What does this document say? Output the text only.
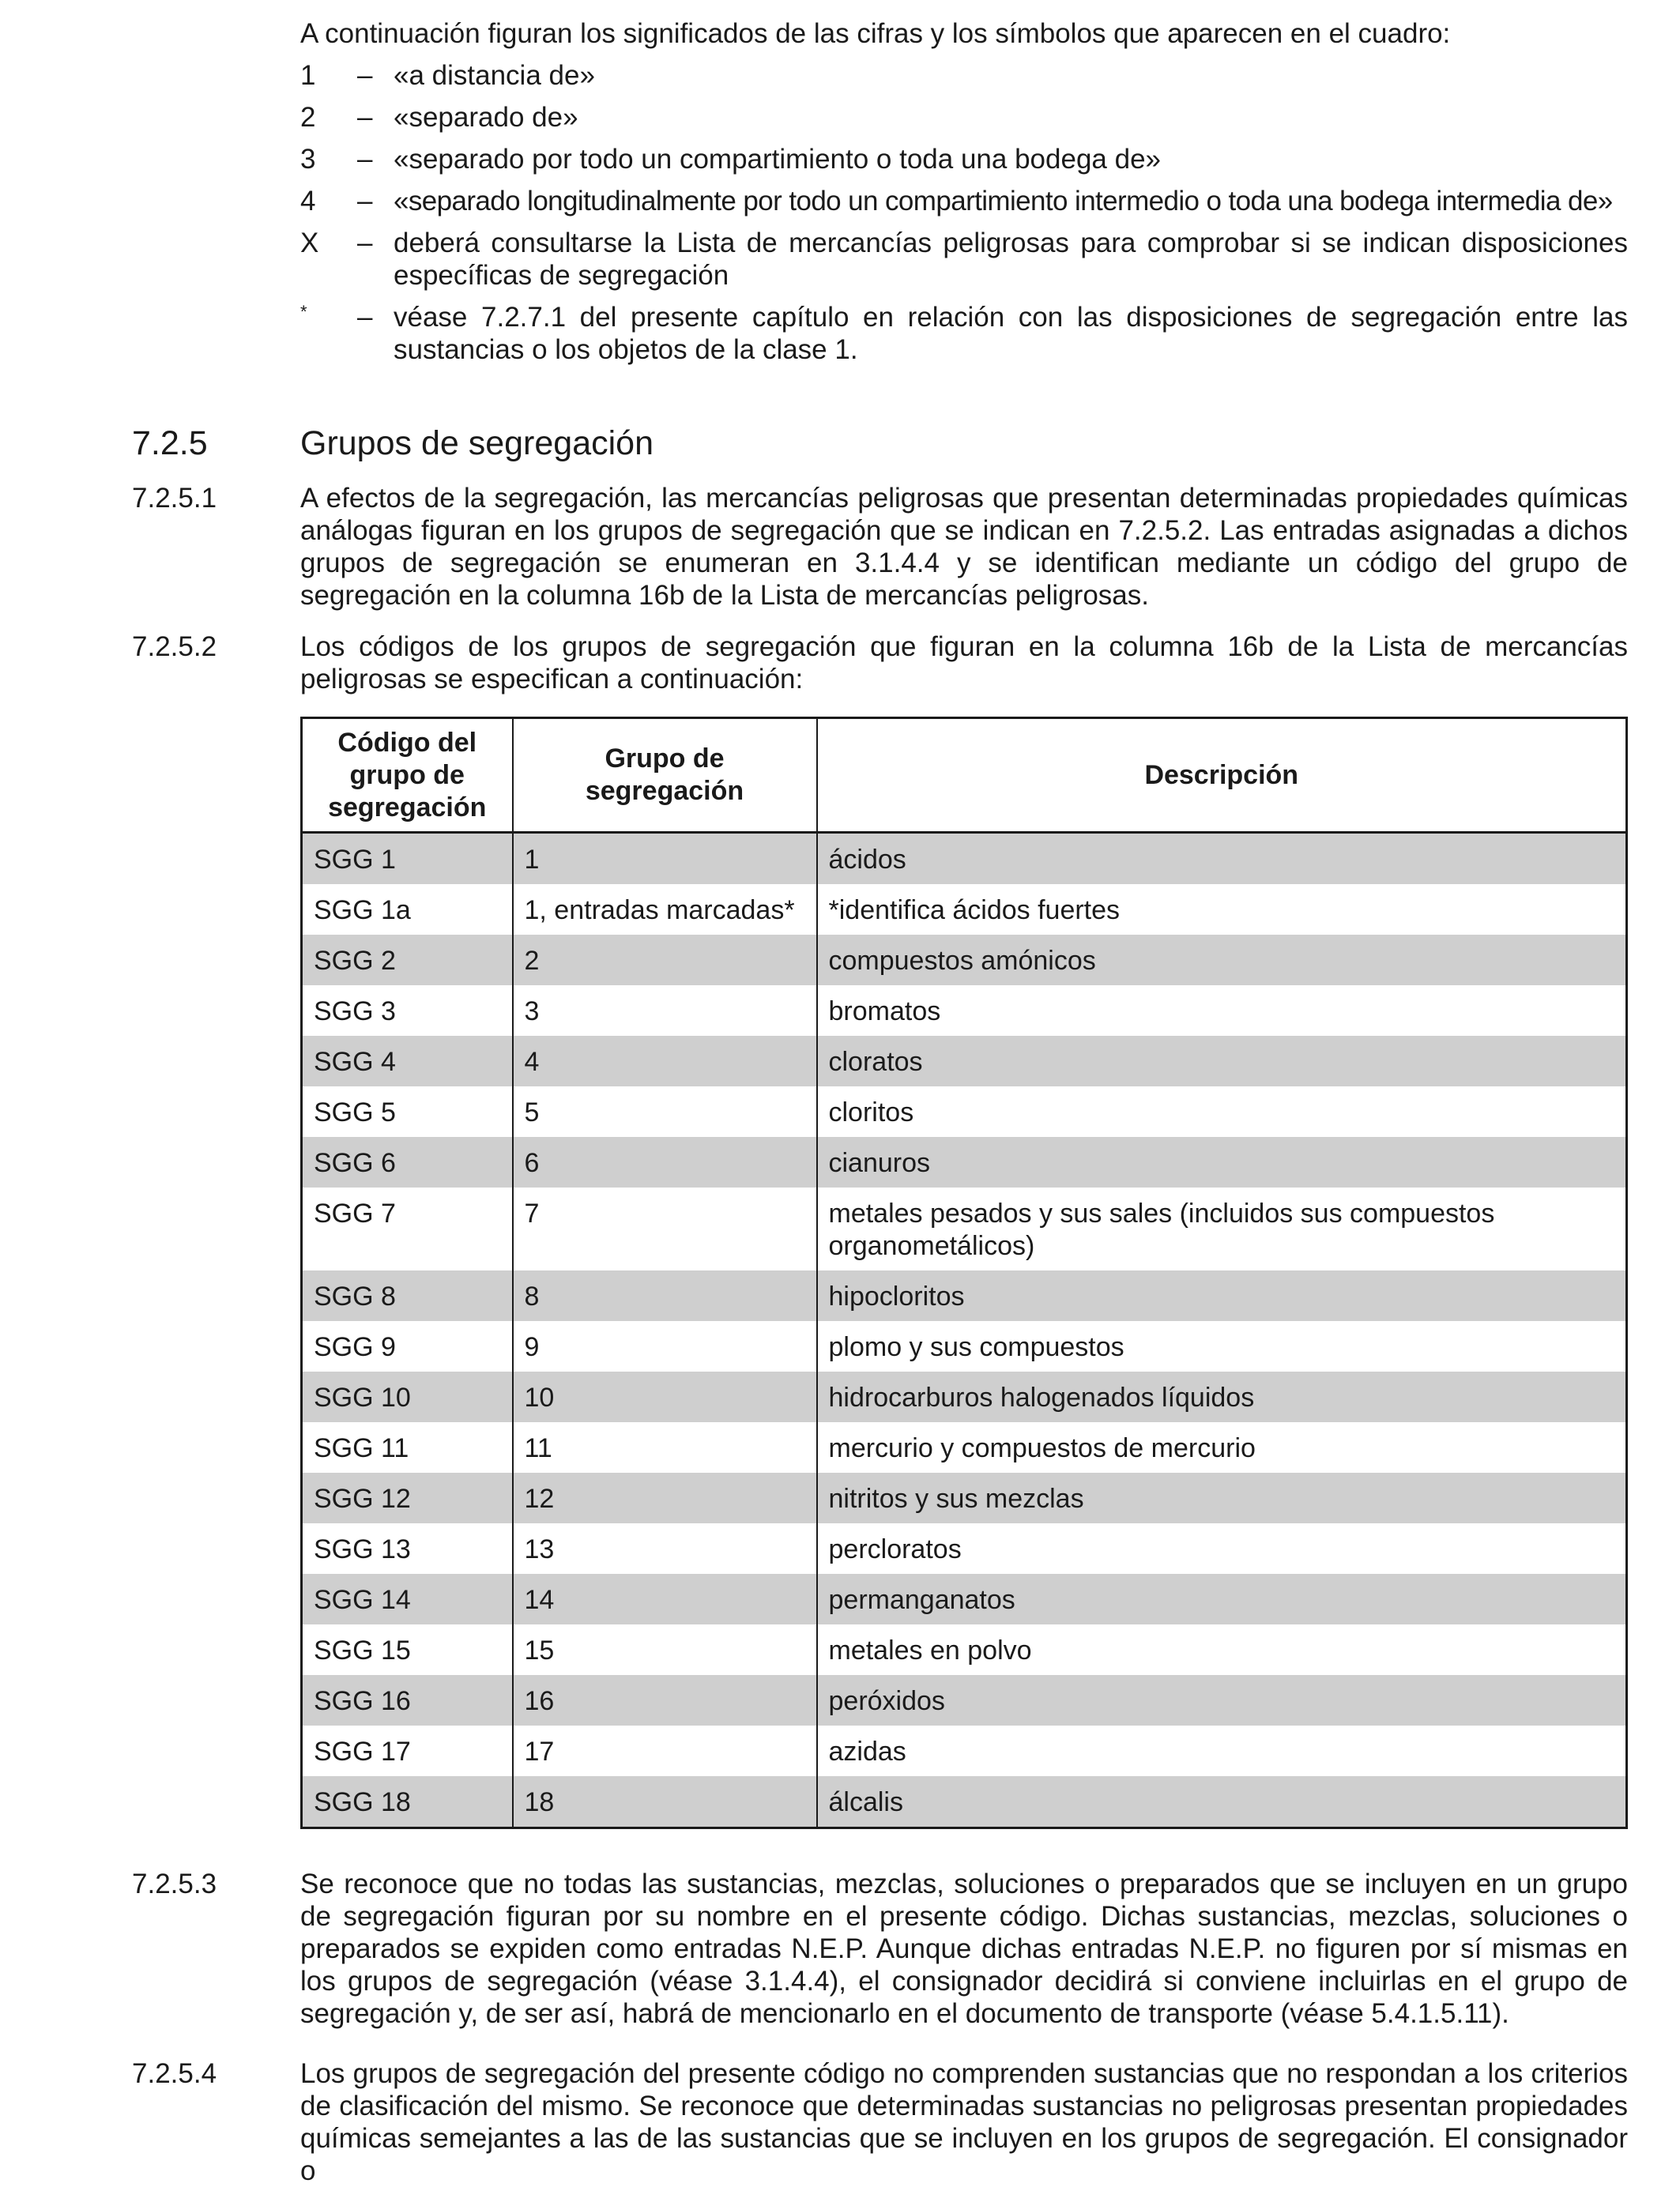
A continuación figuran los significados de las cifras y los símbolos que aparecen en el cuadro:
1	– «a distancia de»
2	– «separado de»
3	– «separado por todo un compartimiento o toda una bodega de»
4	– «separado longitudinalmente por todo un compartimiento intermedio o toda una bodega intermedia de»
X	– deberá consultarse la Lista de mercancías peligrosas para comprobar si se indican disposiciones específicas de segregación
*	– véase 7.2.7.1 del presente capítulo en relación con las disposiciones de segregación entre las sustancias o los objetos de la clase 1.
7.2.5	Grupos de segregación
7.2.5.1	A efectos de la segregación, las mercancías peligrosas que presentan determinadas propiedades químicas análogas figuran en los grupos de segregación que se indican en 7.2.5.2. Las entradas asignadas a dichos grupos de segregación se enumeran en 3.1.4.4 y se identifican mediante un código del grupo de segregación en la columna 16b de la Lista de mercancías peligrosas.
7.2.5.2	Los códigos de los grupos de segregación que figuran en la columna 16b de la Lista de mercancías peligrosas se especifican a continuación:
Código del grupo de segregación	Grupo de segregación	Descripción
SGG 1	1	ácidos
SGG 1a	1, entradas marcadas*	*identifica ácidos fuertes
SGG 2	2	compuestos amónicos
SGG 3	3	bromatos
SGG 4	4	cloratos
SGG 5	5	cloritos
SGG 6	6	cianuros
SGG 7	7	metales pesados y sus sales (incluidos sus compuestos organometálicos)
SGG 8	8	hipocloritos
SGG 9	9	plomo y sus compuestos
SGG 10	10	hidrocarburos halogenados líquidos
SGG 11	11	mercurio y compuestos de mercurio
SGG 12	12	nitritos y sus mezclas
SGG 13	13	percloratos
SGG 14	14	permanganatos
SGG 15	15	metales en polvo
SGG 16	16	peróxidos
SGG 17	17	azidas
SGG 18	18	álcalis
7.2.5.3	Se reconoce que no todas las sustancias, mezclas, soluciones o preparados que se incluyen en un grupo de segregación figuran por su nombre en el presente código. Dichas sustancias, mezclas, soluciones o preparados se expiden como entradas N.E.P. Aunque dichas entradas N.E.P. no figuren por sí mismas en los grupos de segregación (véase 3.1.4.4), el consignador decidirá si conviene incluirlas en el grupo de segregación y, de ser así, habrá de mencionarlo en el documento de transporte (véase 5.4.1.5.11).
7.2.5.4	Los grupos de segregación del presente código no comprenden sustancias que no respondan a los criterios de clasificación del mismo. Se reconoce que determinadas sustancias no peligrosas presentan propiedades químicas semejantes a las de las sustancias que se incluyen en los grupos de segregación. El consignador o
